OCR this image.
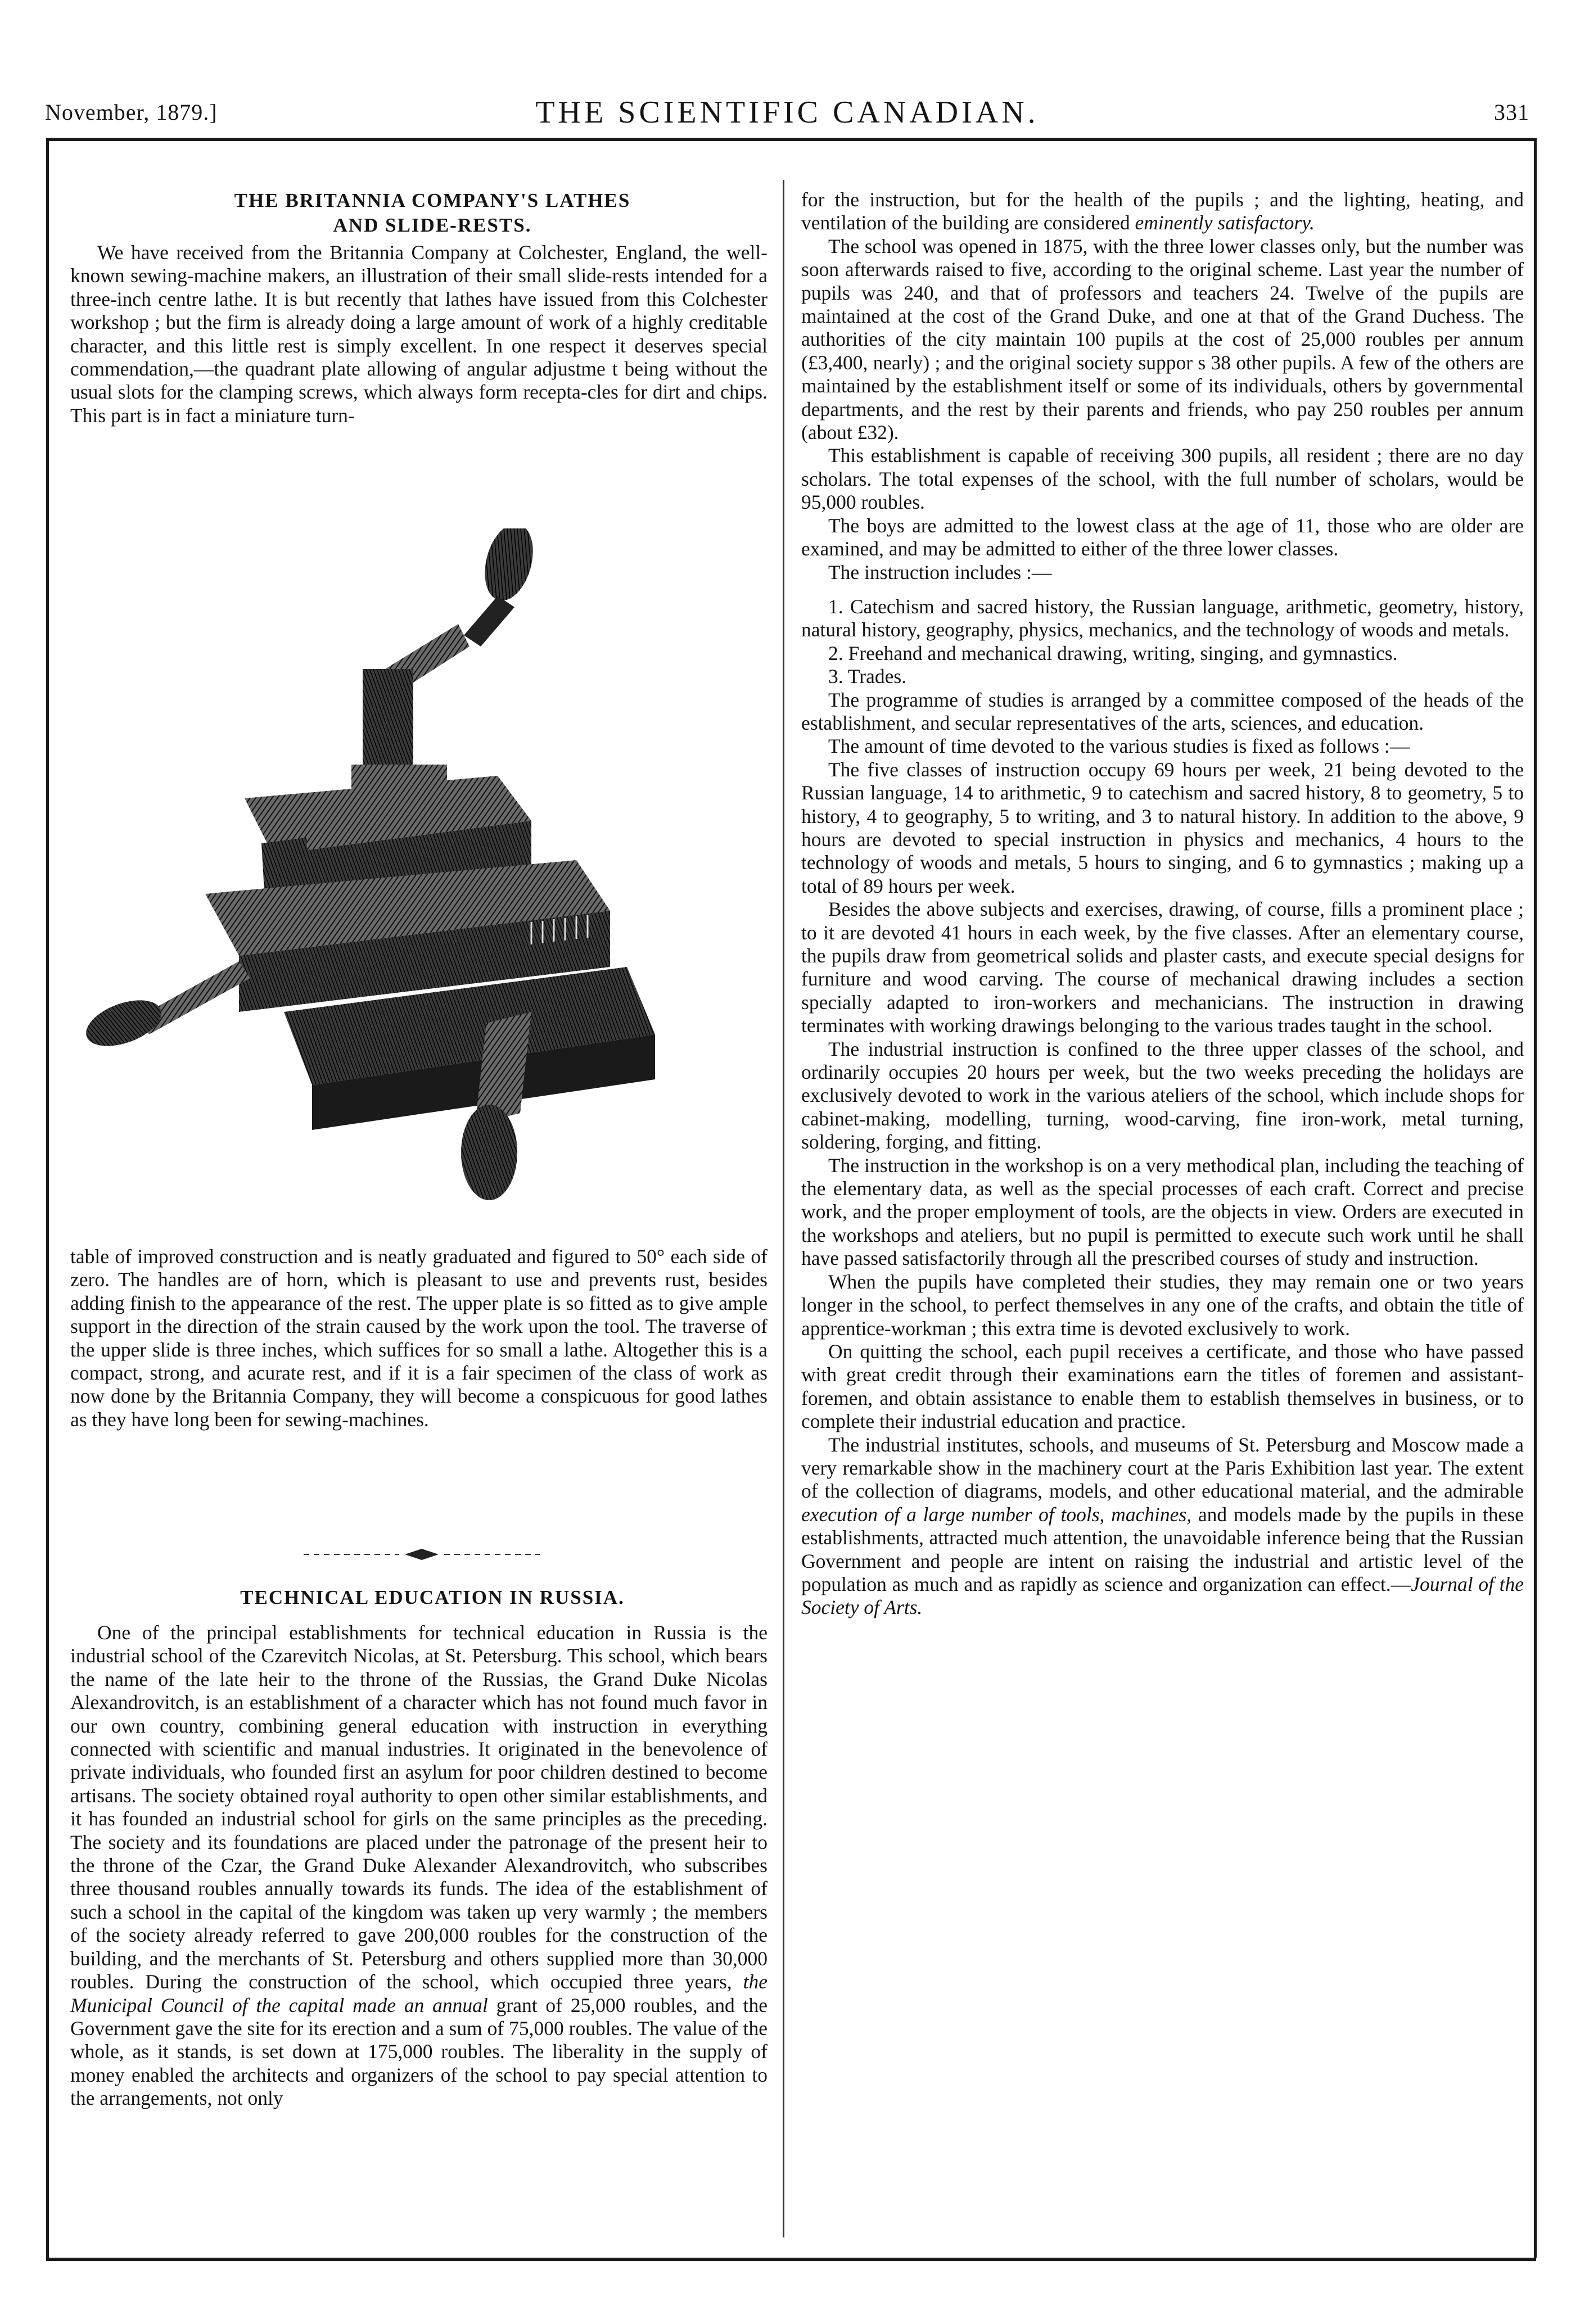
November, 1879.]	THE SCIENTIFIC CANADIAN.	331

THE BRITANNIA COMPANY'S LATHES

AND SLIDE-RESTS.

We have received from the Britannia Company at Colchester, England, the well-known sewing-machine makers, an illustration of their small slide-rests intended for a three-inch centre lathe. It is but recently that lathes have issued from this Colchester workshop ; but the firm is already doing a large amount of work of a highly creditable character, and this little rest is simply excellent. In one respect it deserves special commendation,—the quadrant plate allowing of angular adjustme t being without the usual slots for the clamping screws, which always form recepta-cles for dirt and chips. This part is in fact a miniature turn-

table of improved construction and is neatly graduated and figured to 50° each side of zero. The handles are of horn, which is pleasant to use and prevents rust, besides adding finish to the appearance of the rest. The upper plate is so fitted as to give ample support in the direction of the strain caused by the work upon the tool. The traverse of the upper slide is three inches, which suffices for so small a lathe. Altogether this is a compact, strong, and acurate rest, and if it is a fair specimen of the class of work as now done by the Britannia Company, they will become a conspicuous for good lathes as they have long been for sewing-machines.

TECHNICAL EDUCATION IN RUSSIA.

One of the principal establishments for technical education in Russia is the industrial school of the Czarevitch Nicolas, at St. Petersburg. This school, which bears the name of the late heir to the throne of the Russias, the Grand Duke Nicolas Alexandrovitch, is an establishment of a character which has not found much favor in our own country, combining general education with instruction in everything connected with scientific and manual industries. It originated in the benevolence of private individuals, who founded first an asylum for poor children destined to become artisans. The society obtained royal authority to open other similar establishments, and it has founded an industrial school for girls on the same principles as the preceding. The society and its foundations are placed under the patronage of the present heir to the throne of the Czar, the Grand Duke Alexander Alexandrovitch, who subscribes three thousand roubles annually towards its funds. The idea of the establishment of such a school in the capital of the kingdom was taken up very warmly ; the members of the society already referred to gave 200,000 roubles for the construction of the building, and the merchants of St. Petersburg and others supplied more than 30,000 roubles. During the construction of the school, which occupied three years, the Municipal Council of the capital made an annual grant of 25,000 roubles, and the Government gave the site for its erection and a sum of 75,000 roubles. The value of the whole, as it stands, is set down at 175,000 roubles. The liberality in the supply of money enabled the architects and organizers of the school to pay special attention to the arrangements, not only

for the instruction, but for the health of the pupils ; and the lighting, heating, and ventilation of the building are considered eminently satisfactory.

The school was opened in 1875, with the three lower classes only, but the number was soon afterwards raised to five, according to the original scheme. Last year the number of pupils was 240, and that of professors and teachers 24. Twelve of the pupils are maintained at the cost of the Grand Duke, and one at that of the Grand Duchess. The authorities of the city maintain 100 pupils at the cost of 25,000 roubles per annum (£3,400, nearly) ; and the original society suppor s 38 other pupils. A few of the others are maintained by the establishment itself or some of its individuals, others by governmental departments, and the rest by their parents and friends, who pay 250 roubles per annum (about £32).

This establishment is capable of receiving 300 pupils, all resident ; there are no day scholars. The total expenses of the school, with the full number of scholars, would be 95,000 roubles.

The boys are admitted to the lowest class at the age of 11, those who are older are examined, and may be admitted to either of the three lower classes.

The instruction includes :—

1. Catechism and sacred history, the Russian language, arithmetic, geometry, history, natural history, geography, physics, mechanics, and the technology of woods and metals.

2. Freehand and mechanical drawing, writing, singing, and gymnastics.

3. Trades.

The programme of studies is arranged by a committee composed of the heads of the establishment, and secular representatives of the arts, sciences, and education.

The amount of time devoted to the various studies is fixed as follows :—

The five classes of instruction occupy 69 hours per week, 21 being devoted to the Russian language, 14 to arithmetic, 9 to catechism and sacred history, 8 to geometry, 5 to history, 4 to geography, 5 to writing, and 3 to natural history. In addition to the above, 9 hours are devoted to special instruction in physics and mechanics, 4 hours to the technology of woods and metals, 5 hours to singing, and 6 to gymnastics ; making up a total of 89 hours per week.

Besides the above subjects and exercises, drawing, of course, fills a prominent place ; to it are devoted 41 hours in each week, by the five classes. After an elementary course, the pupils draw from geometrical solids and plaster casts, and execute special designs for furniture and wood carving. The course of mechanical drawing includes a section specially adapted to iron-workers and mechanicians. The instruction in drawing terminates with working drawings belonging to the various trades taught in the school.

The industrial instruction is confined to the three upper classes of the school, and ordinarily occupies 20 hours per week, but the two weeks preceding the holidays are exclusively devoted to work in the various ateliers of the school, which include shops for cabinet-making, modelling, turning, wood-carving, fine iron-work, metal turning, soldering, forging, and fitting.

The instruction in the workshop is on a very methodical plan, including the teaching of the elementary data, as well as the special processes of each craft. Correct and precise work, and the proper employment of tools, are the objects in view. Orders are executed in the workshops and ateliers, but no pupil is permitted to execute such work until he shall have passed satisfactorily through all the prescribed courses of study and instruction.

When the pupils have completed their studies, they may remain one or two years longer in the school, to perfect themselves in any one of the crafts, and obtain the title of apprentice-workman ; this extra time is devoted exclusively to work.

On quitting the school, each pupil receives a certificate, and those who have passed with great credit through their examinations earn the titles of foremen and assistant-foremen, and obtain assistance to enable them to establish themselves in business, or to complete their industrial education and practice.

The industrial institutes, schools, and museums of St. Petersburg and Moscow made a very remarkable show in the machinery court at the Paris Exhibition last year. The extent of the collection of diagrams, models, and other educational material, and the admirable execution of a large number of tools, machines, and models made by the pupils in these establishments, attracted much attention, the unavoidable inference being that the Russian Government and people are intent on raising the industrial and artistic level of the population as much and as rapidly as science and organization can effect.—Journal of the Society of Arts.
